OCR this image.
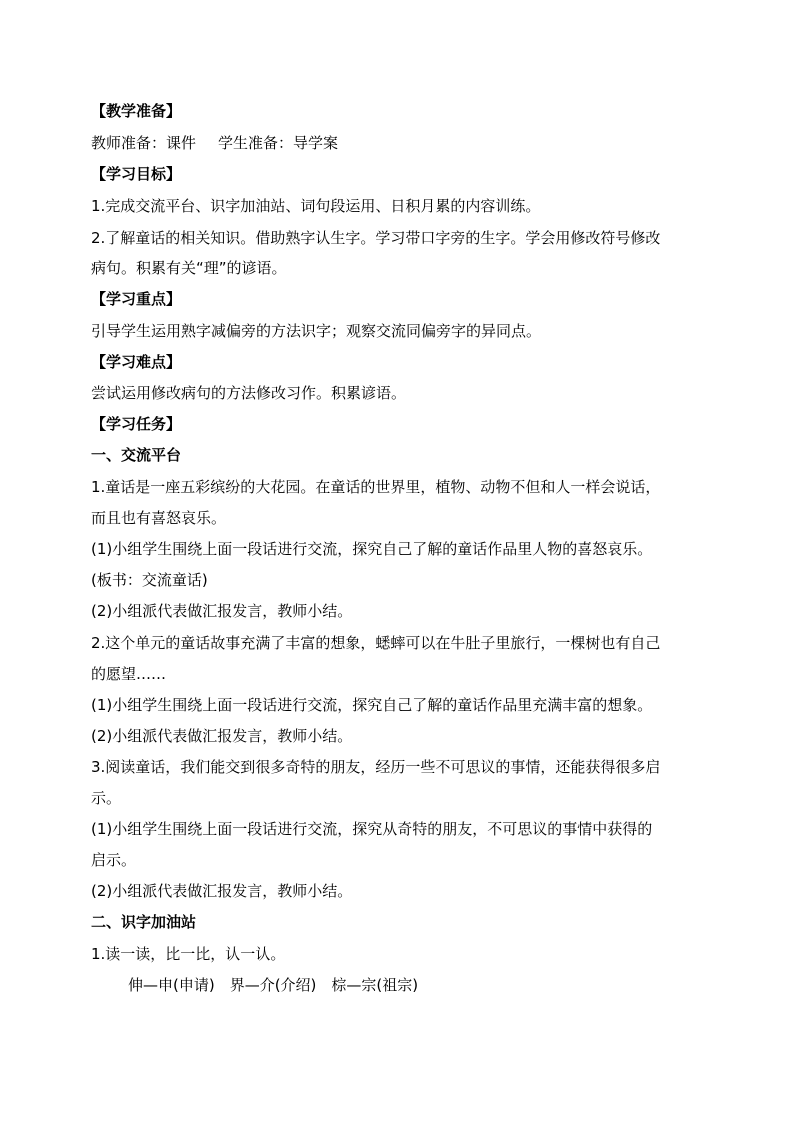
【教学准备】
教师准备：课件 学生准备：导学案
【学习目标】
1.完成交流平台、识字加油站、词句段运用、日积月累的内容训练。
2.了解童话的相关知识。借助熟字认生字。学习带口字旁的生字。学会用修改符号修改
病句。积累有关“理”的谚语。
【学习重点】
引导学生运用熟字减偏旁的方法识字；观察交流同偏旁字的异同点。
【学习难点】
尝试运用修改病句的方法修改习作。积累谚语。
【学习任务】
一、交流平台
1.童话是一座五彩缤纷的大花园。在童话的世界里，植物、动物不但和人一样会说话，
而且也有喜怒哀乐。
(1)小组学生围绕上面一段话进行交流，探究自己了解的童话作品里人物的喜怒哀乐。
(板书：交流童话)
(2)小组派代表做汇报发言，教师小结。
2.这个单元的童话故事充满了丰富的想象，蟋蟀可以在牛肚子里旅行，一棵树也有自己
的愿望……
(1)小组学生围绕上面一段话进行交流，探究自己了解的童话作品里充满丰富的想象。
(2)小组派代表做汇报发言，教师小结。
3.阅读童话，我们能交到很多奇特的朋友，经历一些不可思议的事情，还能获得很多启
示。
(1)小组学生围绕上面一段话进行交流，探究从奇特的朋友，不可思议的事情中获得的
启示。
(2)小组派代表做汇报发言，教师小结。
二、识字加油站
1.读一读，比一比，认一认。
伸—申(申请)　界—介(介绍)　棕—宗(祖宗)
